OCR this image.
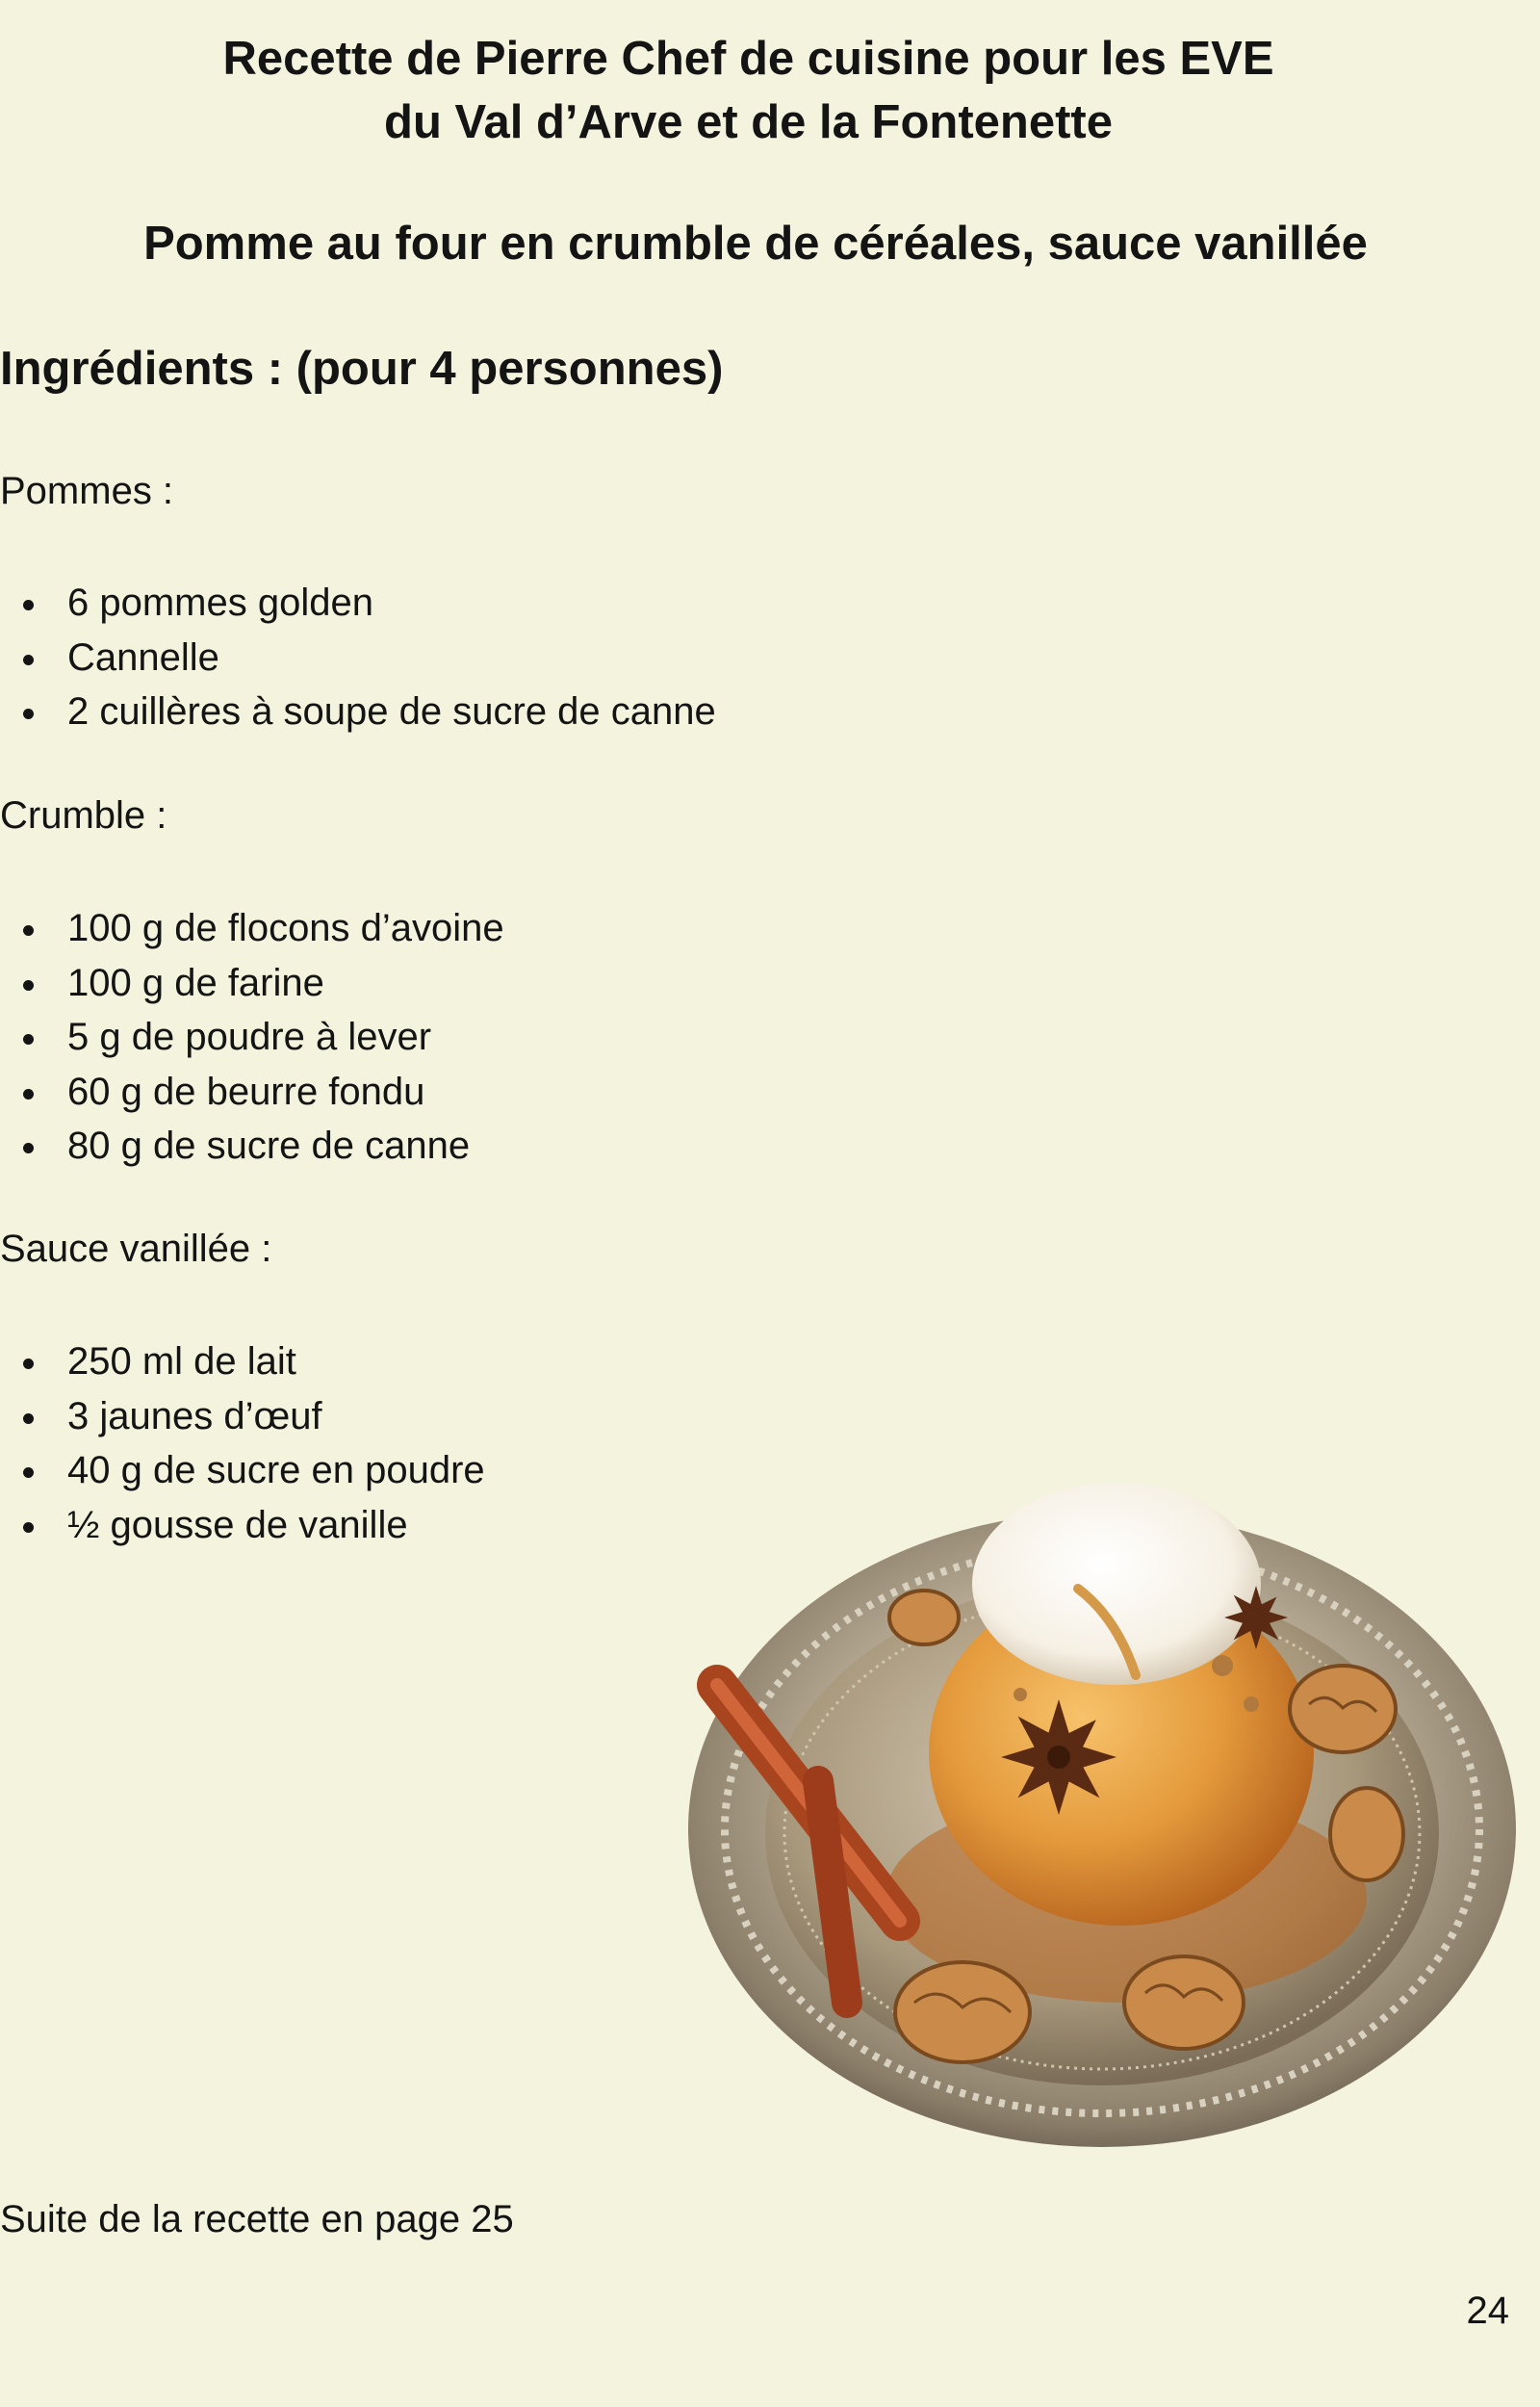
Recette de Pierre Chef de cuisine pour les EVE
du Val d’Arve et de la Fontenette
Pomme au four en crumble de céréales, sauce vanillée
Ingrédients : (pour 4 personnes)
Pommes :
6 pommes golden
Cannelle
2 cuillères à soupe de sucre de canne
Crumble :
100 g de flocons d’avoine
100 g de farine
5 g de poudre à lever
60 g de beurre fondu
80 g de sucre de canne
Sauce vanillée :
250 ml de lait
3 jaunes d’œuf
40 g de sucre en poudre
½ gousse de vanille
Suite de la recette en page 25
24
